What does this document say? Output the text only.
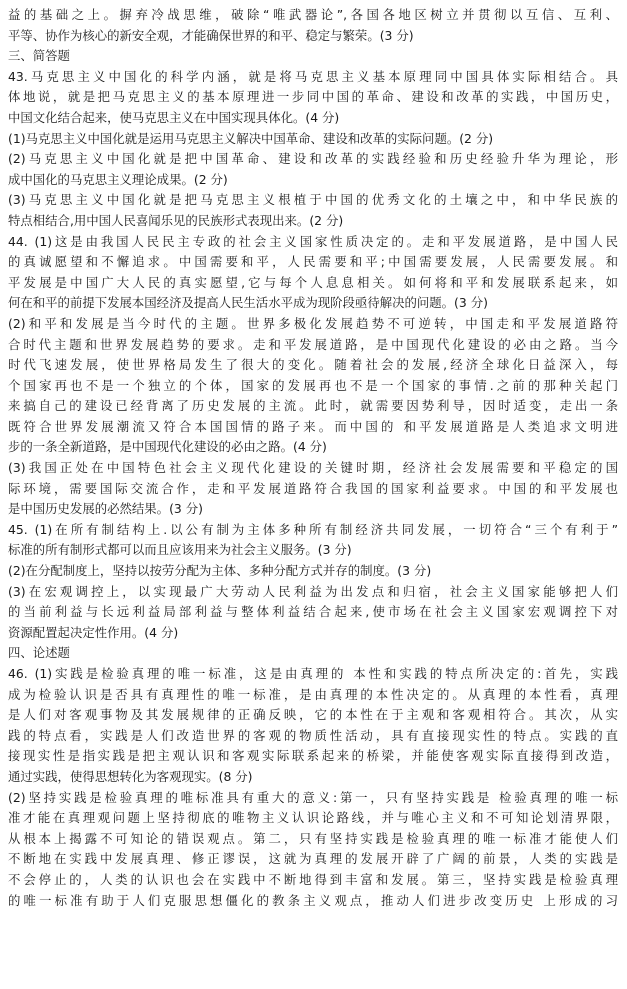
益的基础之上。摒弃冷战思维，破除“唯武器论”,各国各地区树立并贯彻以互信、互利、
平等、协作为核心的新安全观，才能确保世界的和平、稳定与繁荣。(3 分)
三、简答题
43.马克思主义中国化的科学内涵，就是将马克思主义基本原理同中国具体实际相结合。具
体地说，就是把马克思主义的基本原理进一步同中国的革命、建设和改革的实践，中国历史，
中国文化结合起来，使马克思主义在中国实现具体化。(4 分)
(1)马克思主义中国化就是运用马克思主义解决中国革命、建设和改革的实际问题。(2 分)
(2)马克思主义中国化就是把中国革命、建设和改革的实践经验和历史经验升华为理论，形
成中国化的马克思主义理论成果。(2 分)
(3)马克思主义中国化就是把马克思主义根植于中国的优秀文化的土壤之中，和中华民族的
特点相结合,用中国人民喜闻乐见的民族形式表现出来。(2 分)
44. (1)这是由我国人民民主专政的社会主义国家性质决定的。走和平发展道路，是中国人民
的真诚愿望和不懈追求。中国需要和平，人民需要和平;中国需要发展，人民需要发展。和
平发展是中国广大人民的真实愿望,它与每个人息息相关。如何将和平和发展联系起来，如
何在和平的前提下发展本国经济及提高人民生活水平成为现阶段亟待解决的问题。(3 分)
(2)和平和发展是当今时代的主题。世界多极化发展趋势不可逆转，中国走和平发展道路符
合时代主题和世界发展趋势的要求。走和平发展道路，是中国现代化建设的必由之路。当今
时代飞速发展，使世界格局发生了很大的变化。随着社会的发展,经济全球化日益深入，每
个国家再也不是一个独立的个体，国家的发展再也不是一个国家的事情.之前的那种关起门
来搞自己的建设已经背离了历史发展的主流。此时，就需要因势利导，因时适变，走出一条
既符合世界发展潮流又符合本国国情的路子来。而中国的 和平发展道路是人类追求文明进
步的一条全新道路，是中国现代化建设的必由之路。(4 分)
(3)我国正处在中国特色社会主义现代化建设的关键时期，经济社会发展需要和平稳定的国
际环境，需要国际交流合作，走和平发展道路符合我国的国家利益要求。中国的和平发展也
是中国历史发展的必然结果。(3 分)
45. (1)在所有制结构上.以公有制为主体多种所有制经济共同发展，一切符合“三个有利于”
标准的所有制形式都可以而且应该用来为社会主义服务。(3 分)
(2)在分配制度上，坚持以按劳分配为主体、多种分配方式并存的制度。(3 分)
(3)在宏观调控上，以实现最广大劳动人民利益为出发点和归宿，社会主义国家能够把人们
的当前利益与长远利益局部利益与整体利益结合起来,使市场在社会主义国家宏观调控下对
资源配置起决定性作用。(4 分)
四、论述题
46. (1)实践是检验真理的唯一标准，这是由真理的 本性和实践的特点所决定的:首先，实践
成为检验认识是否具有真理性的唯一标准，是由真理的本性决定的。从真理的本性看，真理
是人们对客观事物及其发展规律的正确反映，它的本性在于主观和客观相符合。其次，从实
践的特点看，实践是人们改造世界的客观的物质性活动，具有直接现实性的特点。实践的直
接现实性是指实践是把主观认识和客观实际联系起来的桥梁，并能使客观实际直接得到改造，
通过实践，使得思想转化为客观现实。(8 分)
(2)坚持实践是检验真理的唯标准具有重大的意义:第一，只有坚持实践是 检验真理的唯一标
准才能在真理观问题上坚持彻底的唯物主义认识论路线，并与唯心主义和不可知论划清界限，
从根本上揭露不可知论的错误观点。第二，只有坚持实践是检验真理的唯一标准才能使人们
不断地在实践中发展真理、修正谬误，这就为真理的发展开辟了广阔的前景，人类的实践是
不会停止的，人类的认识也会在实践中不断地得到丰富和发展。第三，坚持实践是检验真理
的唯一标准有助于人们克服思想僵化的教条主义观点，推动人们进步改变历史 上形成的习
